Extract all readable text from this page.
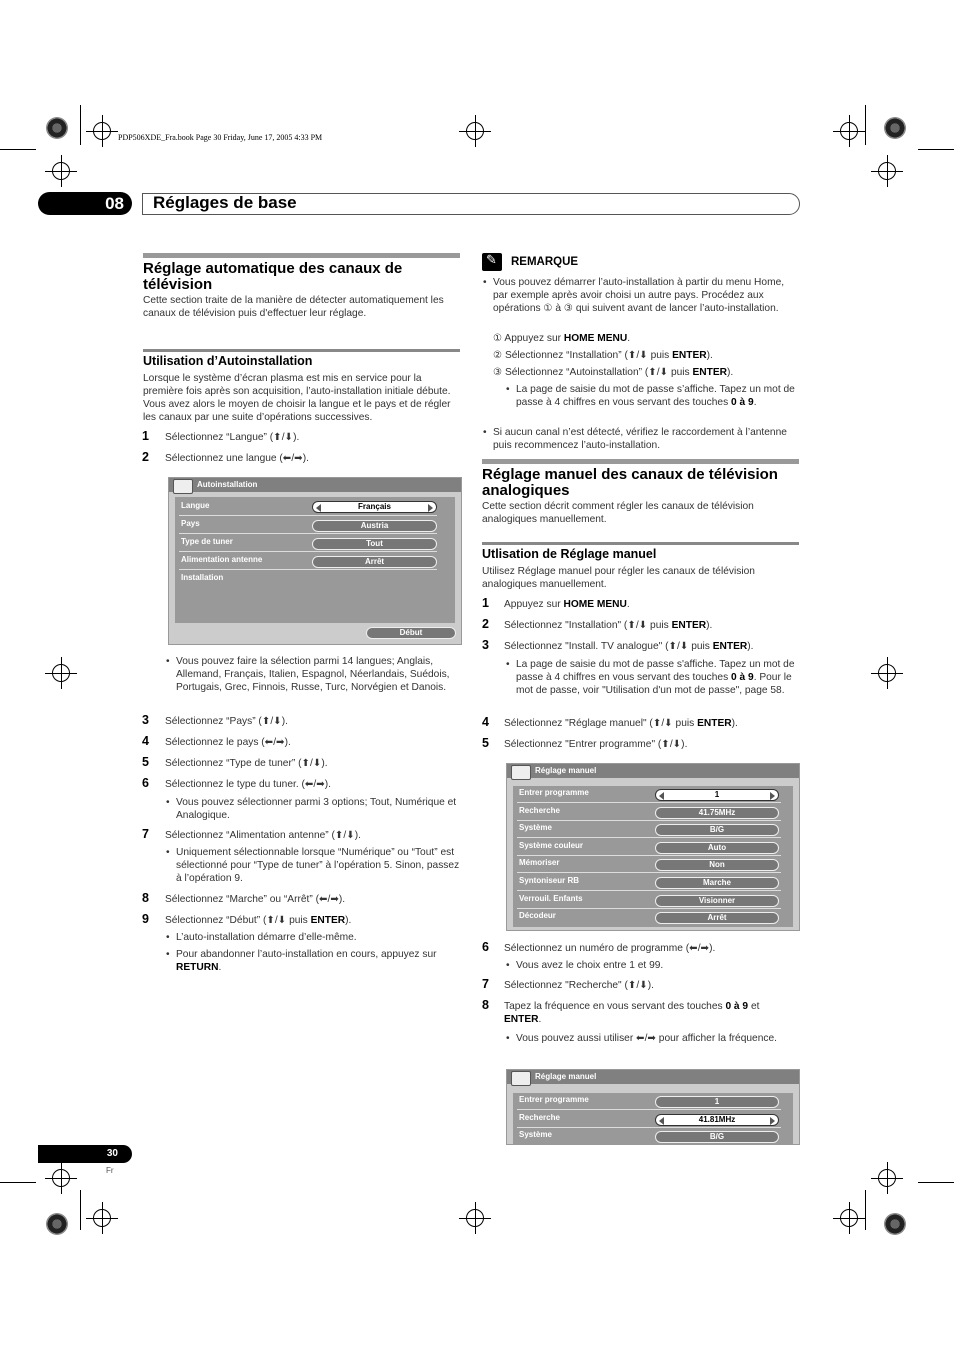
PDP506XDE_Fra.book Page 30 Friday, June 17, 2005 4:33 PM
08	Réglages de base
Réglage automatique des canaux de télévision
Cette section traite de la manière de détecter automatiquement les canaux de télévision puis d'effectuer leur réglage.
Utilisation d’Autoinstallation
Lorsque le système d’écran plasma est mis en service pour la première fois après son acquisition, l’auto-installation initiale débute. Vous avez alors le moyen de choisir la langue et le pays et de régler les canaux par une suite d’opérations successives.
1	Sélectionnez “Langue” (⬆/⬇).
2	Sélectionnez une langue (⬅/➡).
Autoinstallation
Langue	Français
Pays	Austria
Type de tuner	Tout
Alimentation antenne	Arrêt
Installation
Début
• Vous pouvez faire la sélection parmi 14 langues; Anglais, Allemand, Français, Italien, Espagnol, Néerlandais, Suédois, Portugais, Grec, Finnois, Russe, Turc, Norvégien et Danois.
3	Sélectionnez “Pays” (⬆/⬇).
4	Sélectionnez le pays (⬅/➡).
5	Sélectionnez “Type de tuner” (⬆/⬇).
6	Sélectionnez le type du tuner. (⬅/➡).
• Vous pouvez sélectionner parmi 3 options; Tout, Numérique et Analogique.
7	Sélectionnez “Alimentation antenne” (⬆/⬇).
• Uniquement sélectionnable lorsque “Numérique” ou “Tout” est sélectionné pour “Type de tuner” à l’opération 5. Sinon, passez à l’opération 9.
8	Sélectionnez “Marche” ou “Arrêt” (⬅/➡).
9	Sélectionnez “Début” (⬆/⬇ puis ENTER).
• L’auto-installation démarre d’elle-même.
• Pour abandonner l’auto-installation en cours, appuyez sur RETURN.
✎
REMARQUE
• Vous pouvez démarrer l’auto-installation à partir du menu Home, par exemple après avoir choisi un autre pays. Procédez aux opérations ① à ③ qui suivent avant de lancer l’auto-installation.
① Appuyez sur HOME MENU.
② Sélectionnez “Installation” (⬆/⬇ puis ENTER).
③ Sélectionnez “Autoinstallation” (⬆/⬇ puis ENTER).
• La page de saisie du mot de passe s’affiche. Tapez un mot de passe à 4 chiffres en vous servant des touches 0 à 9.
• Si aucun canal n’est détecté, vérifiez le raccordement à l’antenne puis recommencez l’auto-installation.
Réglage manuel des canaux de télévision analogiques
Cette section décrit comment régler les canaux de télévision analogiques manuellement.
Utlisation de Réglage manuel
Utilisez Réglage manuel pour régler les canaux de télévision analogiques manuellement.
1	Appuyez sur HOME MENU.
2	Sélectionnez "Installation" (⬆/⬇ puis ENTER).
3	Sélectionnez "Install. TV analogue" (⬆/⬇ puis ENTER).
• La page de saisie du mot de passe s'affiche. Tapez un mot de passe à 4 chiffres en vous servant des touches 0 à 9. Pour le mot de passe, voir "Utilisation d'un mot de passe", page 58.
4	Sélectionnez "Réglage manuel" (⬆/⬇ puis ENTER).
5	Sélectionnez "Entrer programme" (⬆/⬇).
Réglage manuel
Entrer programme	1
Recherche	41.75MHz
Système	B/G
Système couleur	Auto
Mémoriser	Non
Syntoniseur RB	Marche
Verrouil. Enfants	Visionner
Décodeur	Arrêt
6	Sélectionnez un numéro de programme (⬅/➡).
• Vous avez le choix entre 1 et 99.
7	Sélectionnez "Recherche" (⬆/⬇).
8	Tapez la fréquence en vous servant des touches 0 à 9 et ENTER.
• Vous pouvez aussi utiliser ⬅/➡ pour afficher la fréquence.
Réglage manuel
Entrer programme	1
Recherche	41.81MHz
Système	B/G
30
Fr
